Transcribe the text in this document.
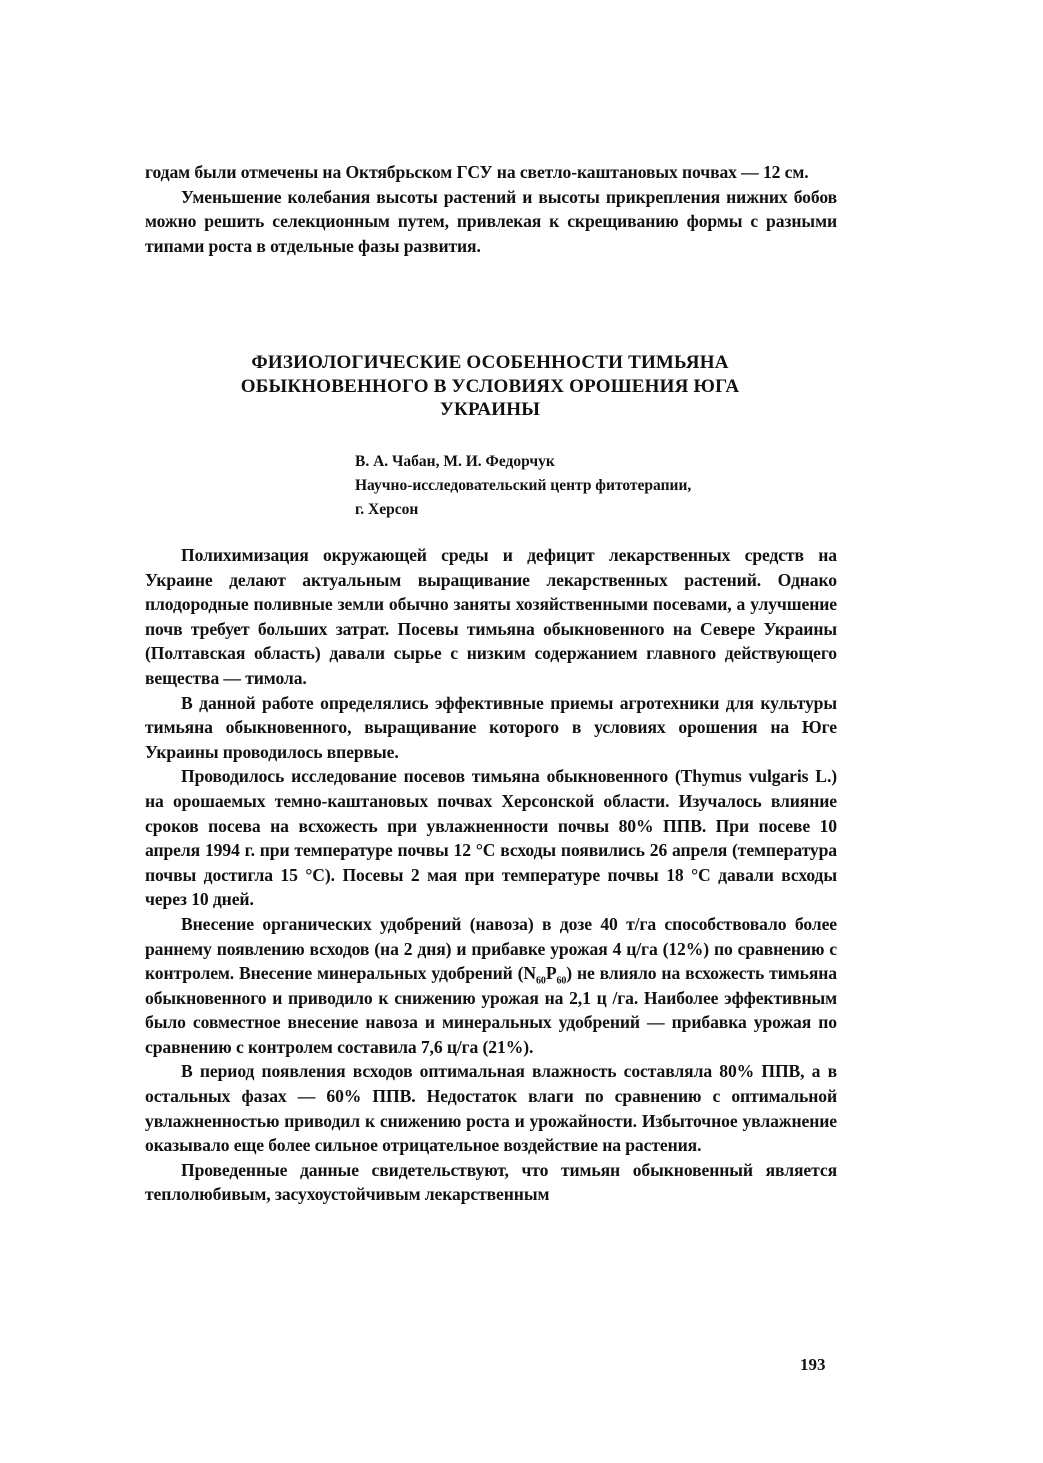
годам были отмечены на Октябрьском ГСУ на светло-каштановых почвах — 12 см.

Уменьшение колебания высоты растений и высоты прикрепления нижних бобов можно решить селекционным путем, привлекая к скрещиванию формы с разными типами роста в отдельные фазы развития.

ФИЗИОЛОГИЧЕСКИЕ ОСОБЕННОСТИ ТИМЬЯНА
ОБЫКНОВЕННОГО В УСЛОВИЯХ ОРОШЕНИЯ ЮГА
УКРАИНЫ
В. А. Чабан, М. И. Федорчук
Научно-исследовательский центр фитотерапии,
г. Херсон

Полихимизация окружающей среды и дефицит лекарственных средств на Украине делают актуальным выращивание лекарственных растений. Однако плодородные поливные земли обычно заняты хозяйственными посевами, а улучшение почв требует больших затрат. Посевы тимьяна обыкновенного на Севере Украины (Полтавская область) давали сырье с низким содержанием главного действующего вещества — тимола.

В данной работе определялись эффективные приемы агротехники для культуры тимьяна обыкновенного, выращивание которого в условиях орошения на Юге Украины проводилось впервые.

Проводилось исследование посевов тимьяна обыкновенного (Thymus vulgaris L.) на орошаемых темно-каштановых почвах Херсонской области. Изучалось влияние сроков посева на всхожесть при увлажненности почвы 80% ППВ. При посеве 10 апреля 1994 г. при температуре почвы 12 °С всходы появились 26 апреля (температура почвы достигла 15 °С). Посевы 2 мая при температуре почвы 18 °С давали всходы через 10 дней.

Внесение органических удобрений (навоза) в дозе 40 т/га способствовало более раннему появлению всходов (на 2 дня) и прибавке урожая 4 ц/га (12%) по сравнению с контролем. Внесение минеральных удобрений $(N_{60}P_{60})$ не влияло на всхожесть тимьяна обыкновенного и приводило к снижению урожая на 2,1 ц /га. Наиболее эффективным было совместное внесение навоза и минеральных удобрений — прибавка урожая по сравнению с контролем составила 7,6 ц/га (21%).

В период появления всходов оптимальная влажность составляла 80% ППВ, а в остальных фазах — 60% ППВ. Недостаток влаги по сравнению с оптимальной увлажненностью приводил к снижению роста и урожайности. Избыточное увлажнение оказывало еще более сильное отрицательное воздействие на растения.

Проведенные данные свидетельствуют, что тимьян обыкновенный является теплолюбивым, засухоустойчивым лекарственным

193
